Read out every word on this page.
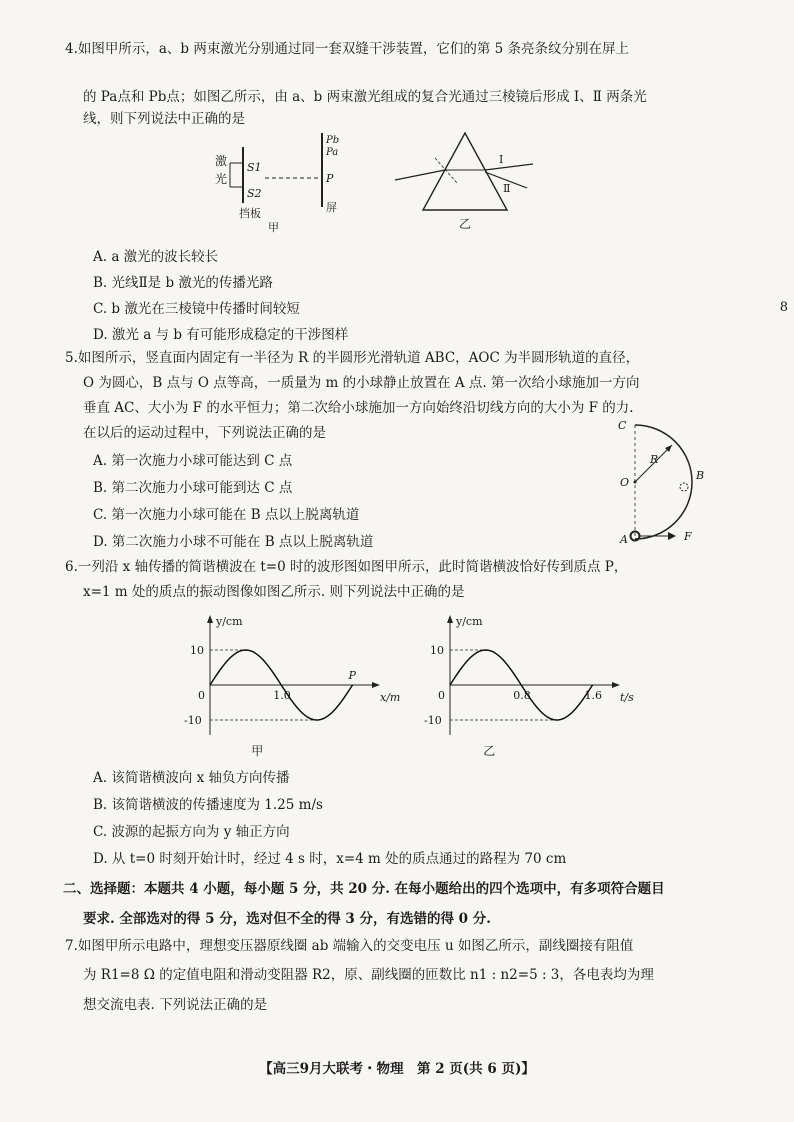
8
4.如图甲所示，a、b 两束激光分别通过同一套双缝干涉装置，它们的第 5 条亮条纹分别在屏上
的 Pa点和 Pb点；如图乙所示，由 a、b 两束激光组成的复合光通过三棱镜后形成 Ⅰ、Ⅱ 两条光
线，则下列说法中正确的是
激
光
S1
S2
Pb
Pa
P
屏
挡板
甲
Ⅰ
Ⅱ
乙
A. a 激光的波长较长
B. 光线Ⅱ是 b 激光的传播光路
C. b 激光在三棱镜中传播时间较短
D. 激光 a 与 b 有可能形成稳定的干涉图样
5.如图所示，竖直面内固定有一半径为 R 的半圆形光滑轨道 ABC，AOC 为半圆形轨道的直径，
O 为圆心，B 点与 O 点等高，一质量为 m 的小球静止放置在 A 点. 第一次给小球施加一方向
垂直 AC、大小为 F 的水平恒力；第二次给小球施加一方向始终沿切线方向的大小为 F 的力.
在以后的运动过程中，下列说法正确的是
A. 第一次施力小球可能达到 C 点
B. 第二次施力小球可能到达 C 点
C. 第一次施力小球可能在 B 点以上脱离轨道
D. 第二次施力小球不可能在 B 点以上脱离轨道
C
R
O
B
A	F
6.一列沿 x 轴传播的简谐横波在 t=0 时的波形图如图甲所示，此时简谐横波恰好传到质点 P，
x=1 m 处的质点的振动图像如图乙所示. 则下列说法中正确的是
y/cm
x/m
0
10
-10
1.0
P
甲
y/cm
t/s
0
10
-10
0.8	1.6
乙
A. 该简谐横波向 x 轴负方向传播
B. 该简谐横波的传播速度为 1.25 m/s
C. 波源的起振方向为 y 轴正方向
D. 从 t=0 时刻开始计时，经过 4 s 时，x=4 m 处的质点通过的路程为 70 cm
二、选择题：本题共 4 小题，每小题 5 分，共 20 分. 在每小题给出的四个选项中，有多项符合题目
要求. 全部选对的得 5 分，选对但不全的得 3 分，有选错的得 0 分.
7.如图甲所示电路中，理想变压器原线圈 ab 端输入的交变电压 u 如图乙所示，副线圈接有阻值
为 R1=8 Ω 的定值电阻和滑动变阻器 R2，原、副线圈的匝数比 n1 : n2=5 : 3，各电表均为理
想交流电表. 下列说法正确的是
【高三9月大联考・物理　第 2 页(共 6 页)】
